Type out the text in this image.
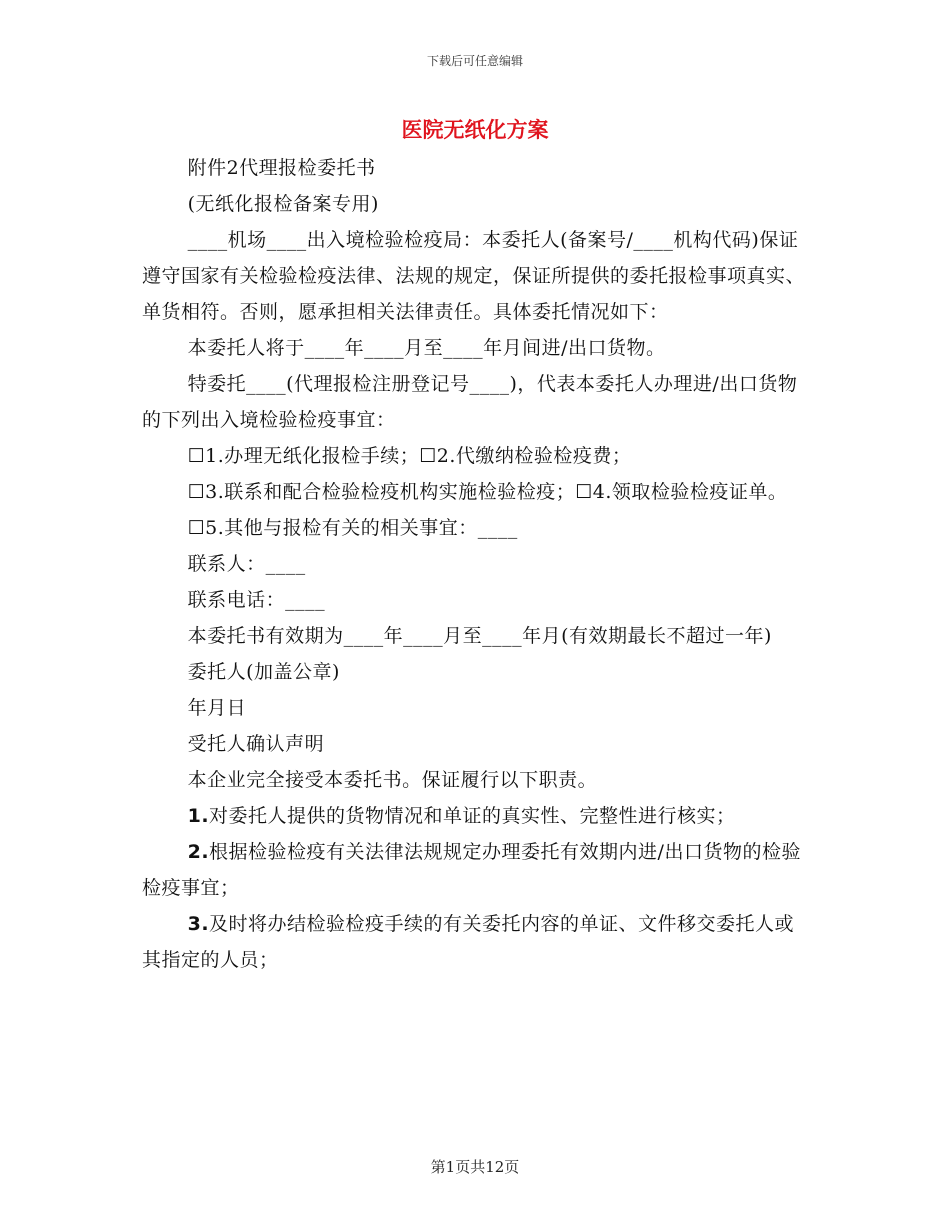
下载后可任意编辑
医院无纸化方案

附件2代理报检委托书

(无纸化报检备案专用)

____机场____出入境检验检疫局：本委托人(备案号/____机构代码)保证遵守国家有关检验检疫法律、法规的规定，保证所提供的委托报检事项真实、单货相符。否则，愿承担相关法律责任。具体委托情况如下：

本委托人将于____年____月至____年月间进/出口货物。

特委托____(代理报检注册登记号____)，代表本委托人办理进/出口货物的下列出入境检验检疫事宜：

☐1.办理无纸化报检手续；☐2.代缴纳检验检疫费；

☐3.联系和配合检验检疫机构实施检验检疫；☐4.领取检验检疫证单。

☐5.其他与报检有关的相关事宜：____

联系人：____

联系电话：____

本委托书有效期为____年____月至____年月(有效期最长不超过一年)

委托人(加盖公章)

年月日

受托人确认声明

本企业完全接受本委托书。保证履行以下职责。

1.对委托人提供的货物情况和单证的真实性、完整性进行核实；

2.根据检验检疫有关法律法规规定办理委托有效期内进/出口货物的检验检疫事宜；

3.及时将办结检验检疫手续的有关委托内容的单证、文件移交委托人或其指定的人员；

第1页共12页
